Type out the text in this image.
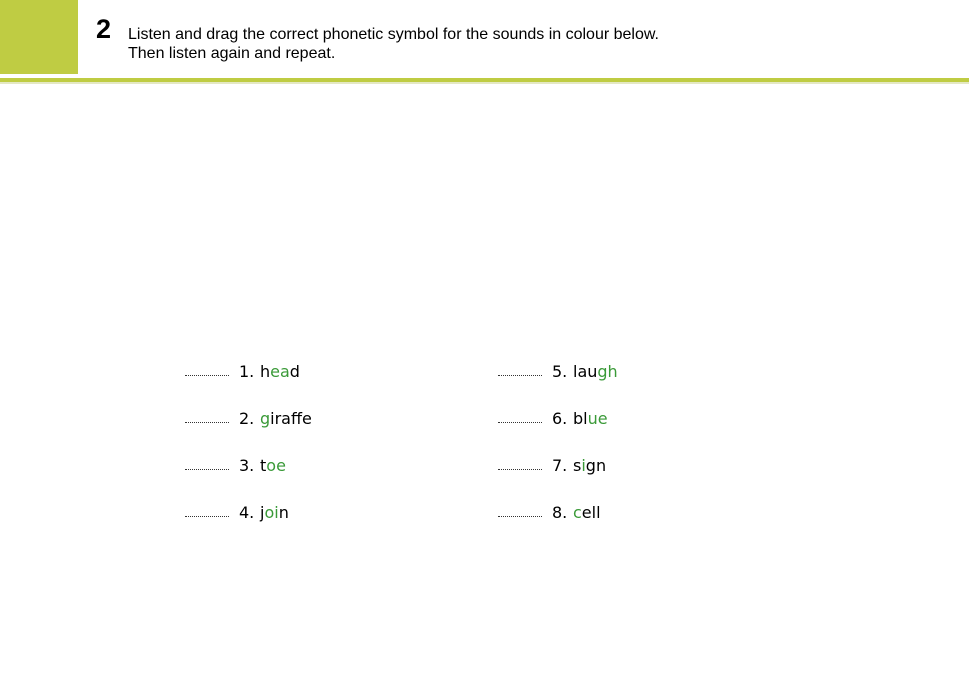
2 Listen and drag the correct phonetic symbol for the sounds in colour below.
Then listen again and repeat.
1. head
2. giraffe
3. toe
4. join
5. laugh
6. blue
7. sign
8. cell
